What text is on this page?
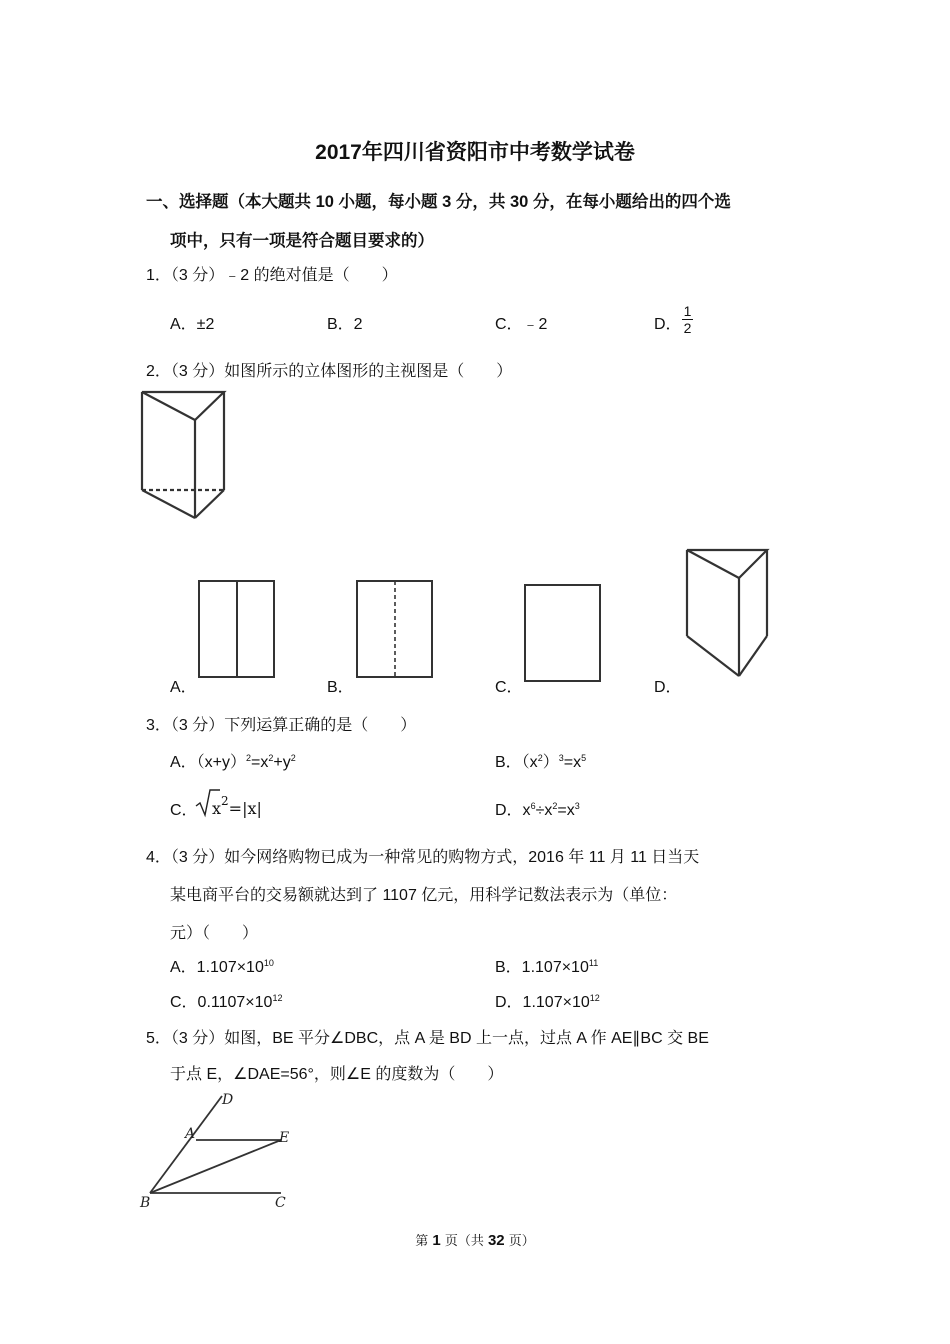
2017年四川省资阳市中考数学试卷
一、选择题（本大题共 10 小题，每小题 3 分，共 30 分，在每小题给出的四个选
项中，只有一项是符合题目要求的）
1．（3 分）﹣2 的绝对值是（　　）
A．±2	B．2	C．﹣2	D． $\frac{1}{2}$
2．（3 分）如图所示的立体图形的主视图是（　　）
A．	B．	C．	D．
3．（3 分）下列运算正确的是（　　）
A．$(x+y)^2=x^2+y^2$	B．$(x^2)^3=x^5$
C． $x^2=|x|$	D．$x^6\div x^2=x^3$
4．（3 分）如今网络购物已成为一种常见的购物方式，2016 年 11 月 11 日当天
某电商平台的交易额就达到了 1107 亿元，用科学记数法表示为（单位：
元）（　　）
A．$1.107\times 10^{10}$	B．$1.107\times 10^{11}$
C．$0.1107\times 10^{12}$	D．$1.107\times 10^{12}$
5．（3 分）如图，BE 平分∠DBC，点 A 是 BD 上一点，过点 A 作 AE∥BC 交 BE
于点 E，∠DAE=56°，则∠E 的度数为（　　）
D
A	E
B	C
第 1 页（共 32 页）
